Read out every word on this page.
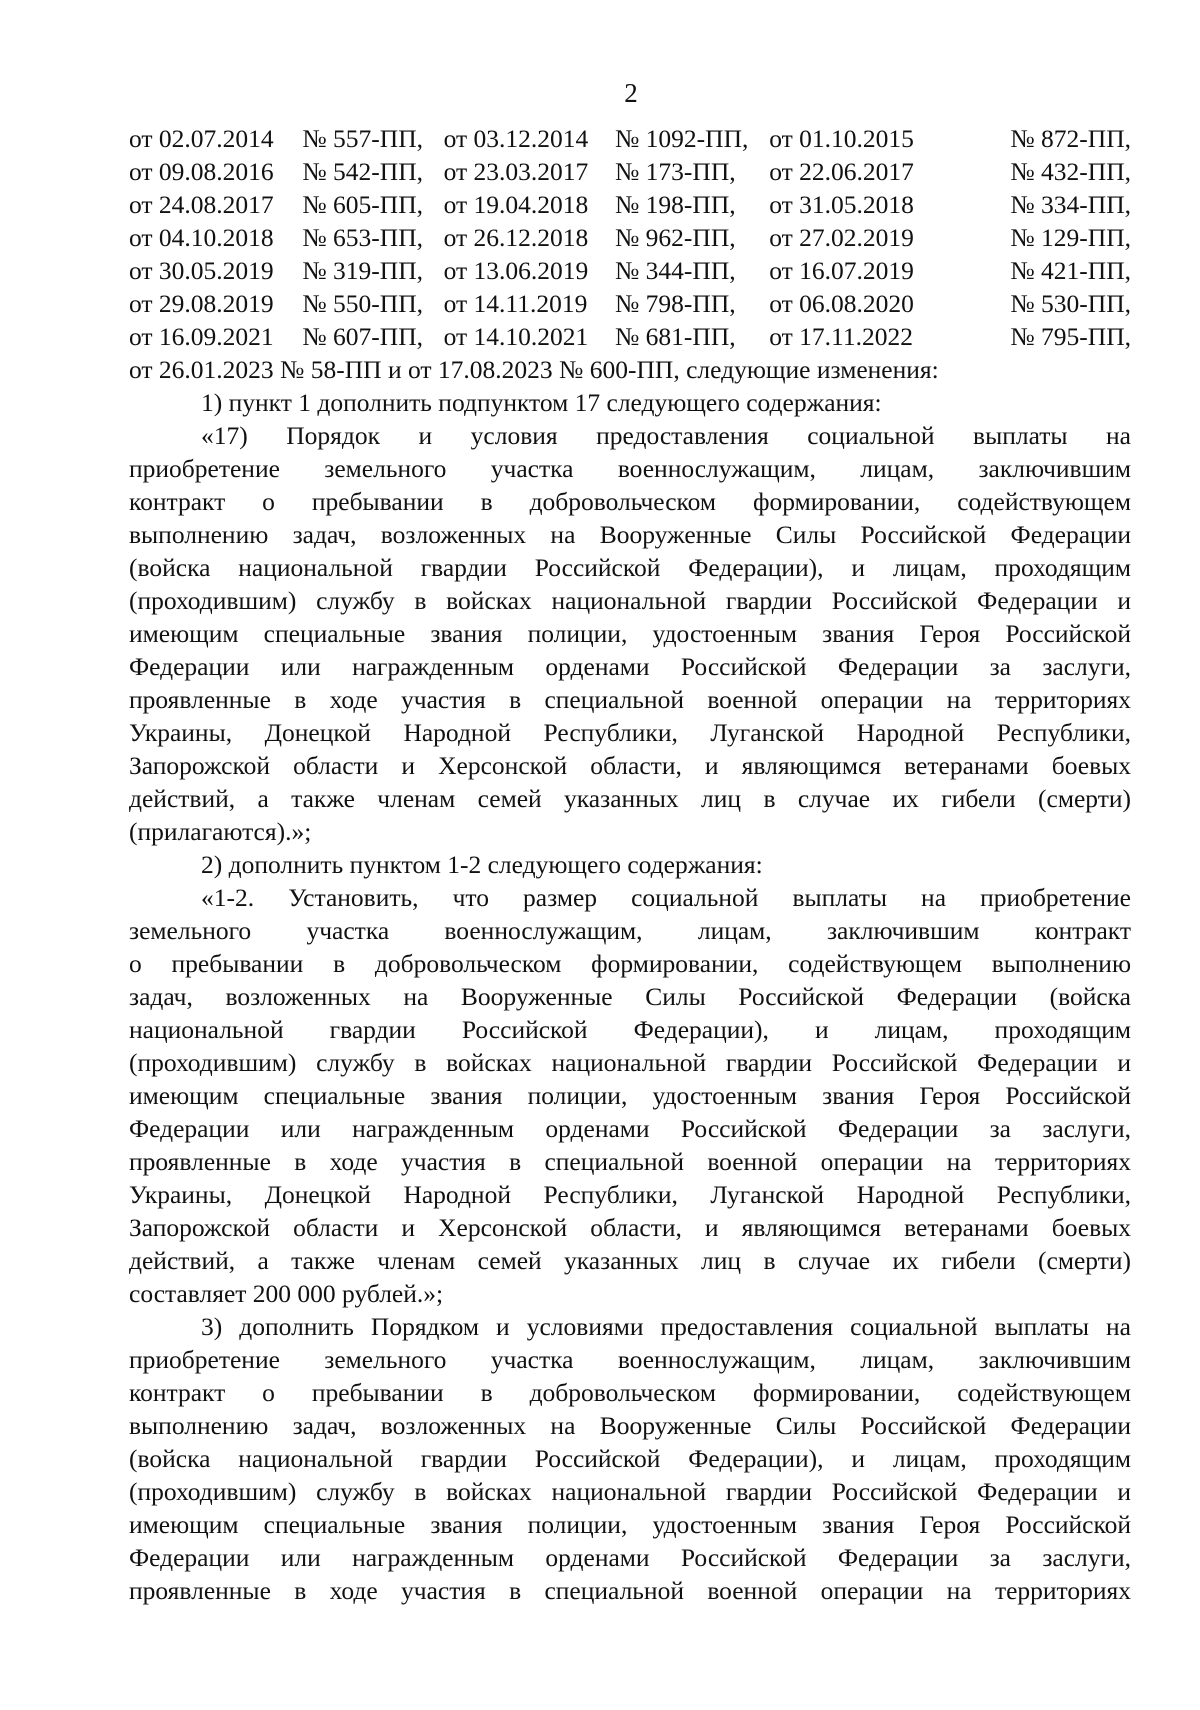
2
от 02.07.2014	№ 557-ПП,	от 03.12.2014	№ 1092-ПП,	от 01.10.2015	№ 872-ПП,
от 09.08.2016	№ 542-ПП,	от 23.03.2017	№ 173-ПП,	от 22.06.2017	№ 432-ПП,
от 24.08.2017	№ 605-ПП,	от 19.04.2018	№ 198-ПП,	от 31.05.2018	№ 334-ПП,
от 04.10.2018	№ 653-ПП,	от 26.12.2018	№ 962-ПП,	от 27.02.2019	№ 129-ПП,
от 30.05.2019	№ 319-ПП,	от 13.06.2019	№ 344-ПП,	от 16.07.2019	№ 421-ПП,
от 29.08.2019	№ 550-ПП,	от 14.11.2019	№ 798-ПП,	от 06.08.2020	№ 530-ПП,
от 16.09.2021	№ 607-ПП,	от 14.10.2021	№ 681-ПП,	от 17.11.2022	№ 795-ПП,
от 26.01.2023 № 58-ПП и от 17.08.2023 № 600-ПП, следующие изменения:
1) пункт 1 дополнить подпунктом 17 следующего содержания:
«17) Порядок и условия предоставления социальной выплаты на
приобретение земельного участка военнослужащим, лицам, заключившим
контракт о пребывании в добровольческом формировании, содействующем
выполнению задач, возложенных на Вооруженные Силы Российской Федерации
(войска национальной гвардии Российской Федерации), и лицам, проходящим
(проходившим) службу в войсках национальной гвардии Российской Федерации и
имеющим специальные звания полиции, удостоенным звания Героя Российской
Федерации или награжденным орденами Российской Федерации за заслуги,
проявленные в ходе участия в специальной военной операции на территориях
Украины, Донецкой Народной Республики, Луганской Народной Республики,
Запорожской области и Херсонской области, и являющимся ветеранами боевых
действий, а также членам семей указанных лиц в случае их гибели (смерти)
(прилагаются).»;
2) дополнить пунктом 1-2 следующего содержания:
«1-2. Установить, что размер социальной выплаты на приобретение
земельного участка военнослужащим, лицам, заключившим контракт
о пребывании в добровольческом формировании, содействующем выполнению
задач, возложенных на Вооруженные Силы Российской Федерации (войска
национальной гвардии Российской Федерации), и лицам, проходящим
(проходившим) службу в войсках национальной гвардии Российской Федерации и
имеющим специальные звания полиции, удостоенным звания Героя Российской
Федерации или награжденным орденами Российской Федерации за заслуги,
проявленные в ходе участия в специальной военной операции на территориях
Украины, Донецкой Народной Республики, Луганской Народной Республики,
Запорожской области и Херсонской области, и являющимся ветеранами боевых
действий, а также членам семей указанных лиц в случае их гибели (смерти)
составляет 200 000 рублей.»;
3) дополнить Порядком и условиями предоставления социальной выплаты на
приобретение земельного участка военнослужащим, лицам, заключившим
контракт о пребывании в добровольческом формировании, содействующем
выполнению задач, возложенных на Вооруженные Силы Российской Федерации
(войска национальной гвардии Российской Федерации), и лицам, проходящим
(проходившим) службу в войсках национальной гвардии Российской Федерации и
имеющим специальные звания полиции, удостоенным звания Героя Российской
Федерации или награжденным орденами Российской Федерации за заслуги,
проявленные в ходе участия в специальной военной операции на территориях
